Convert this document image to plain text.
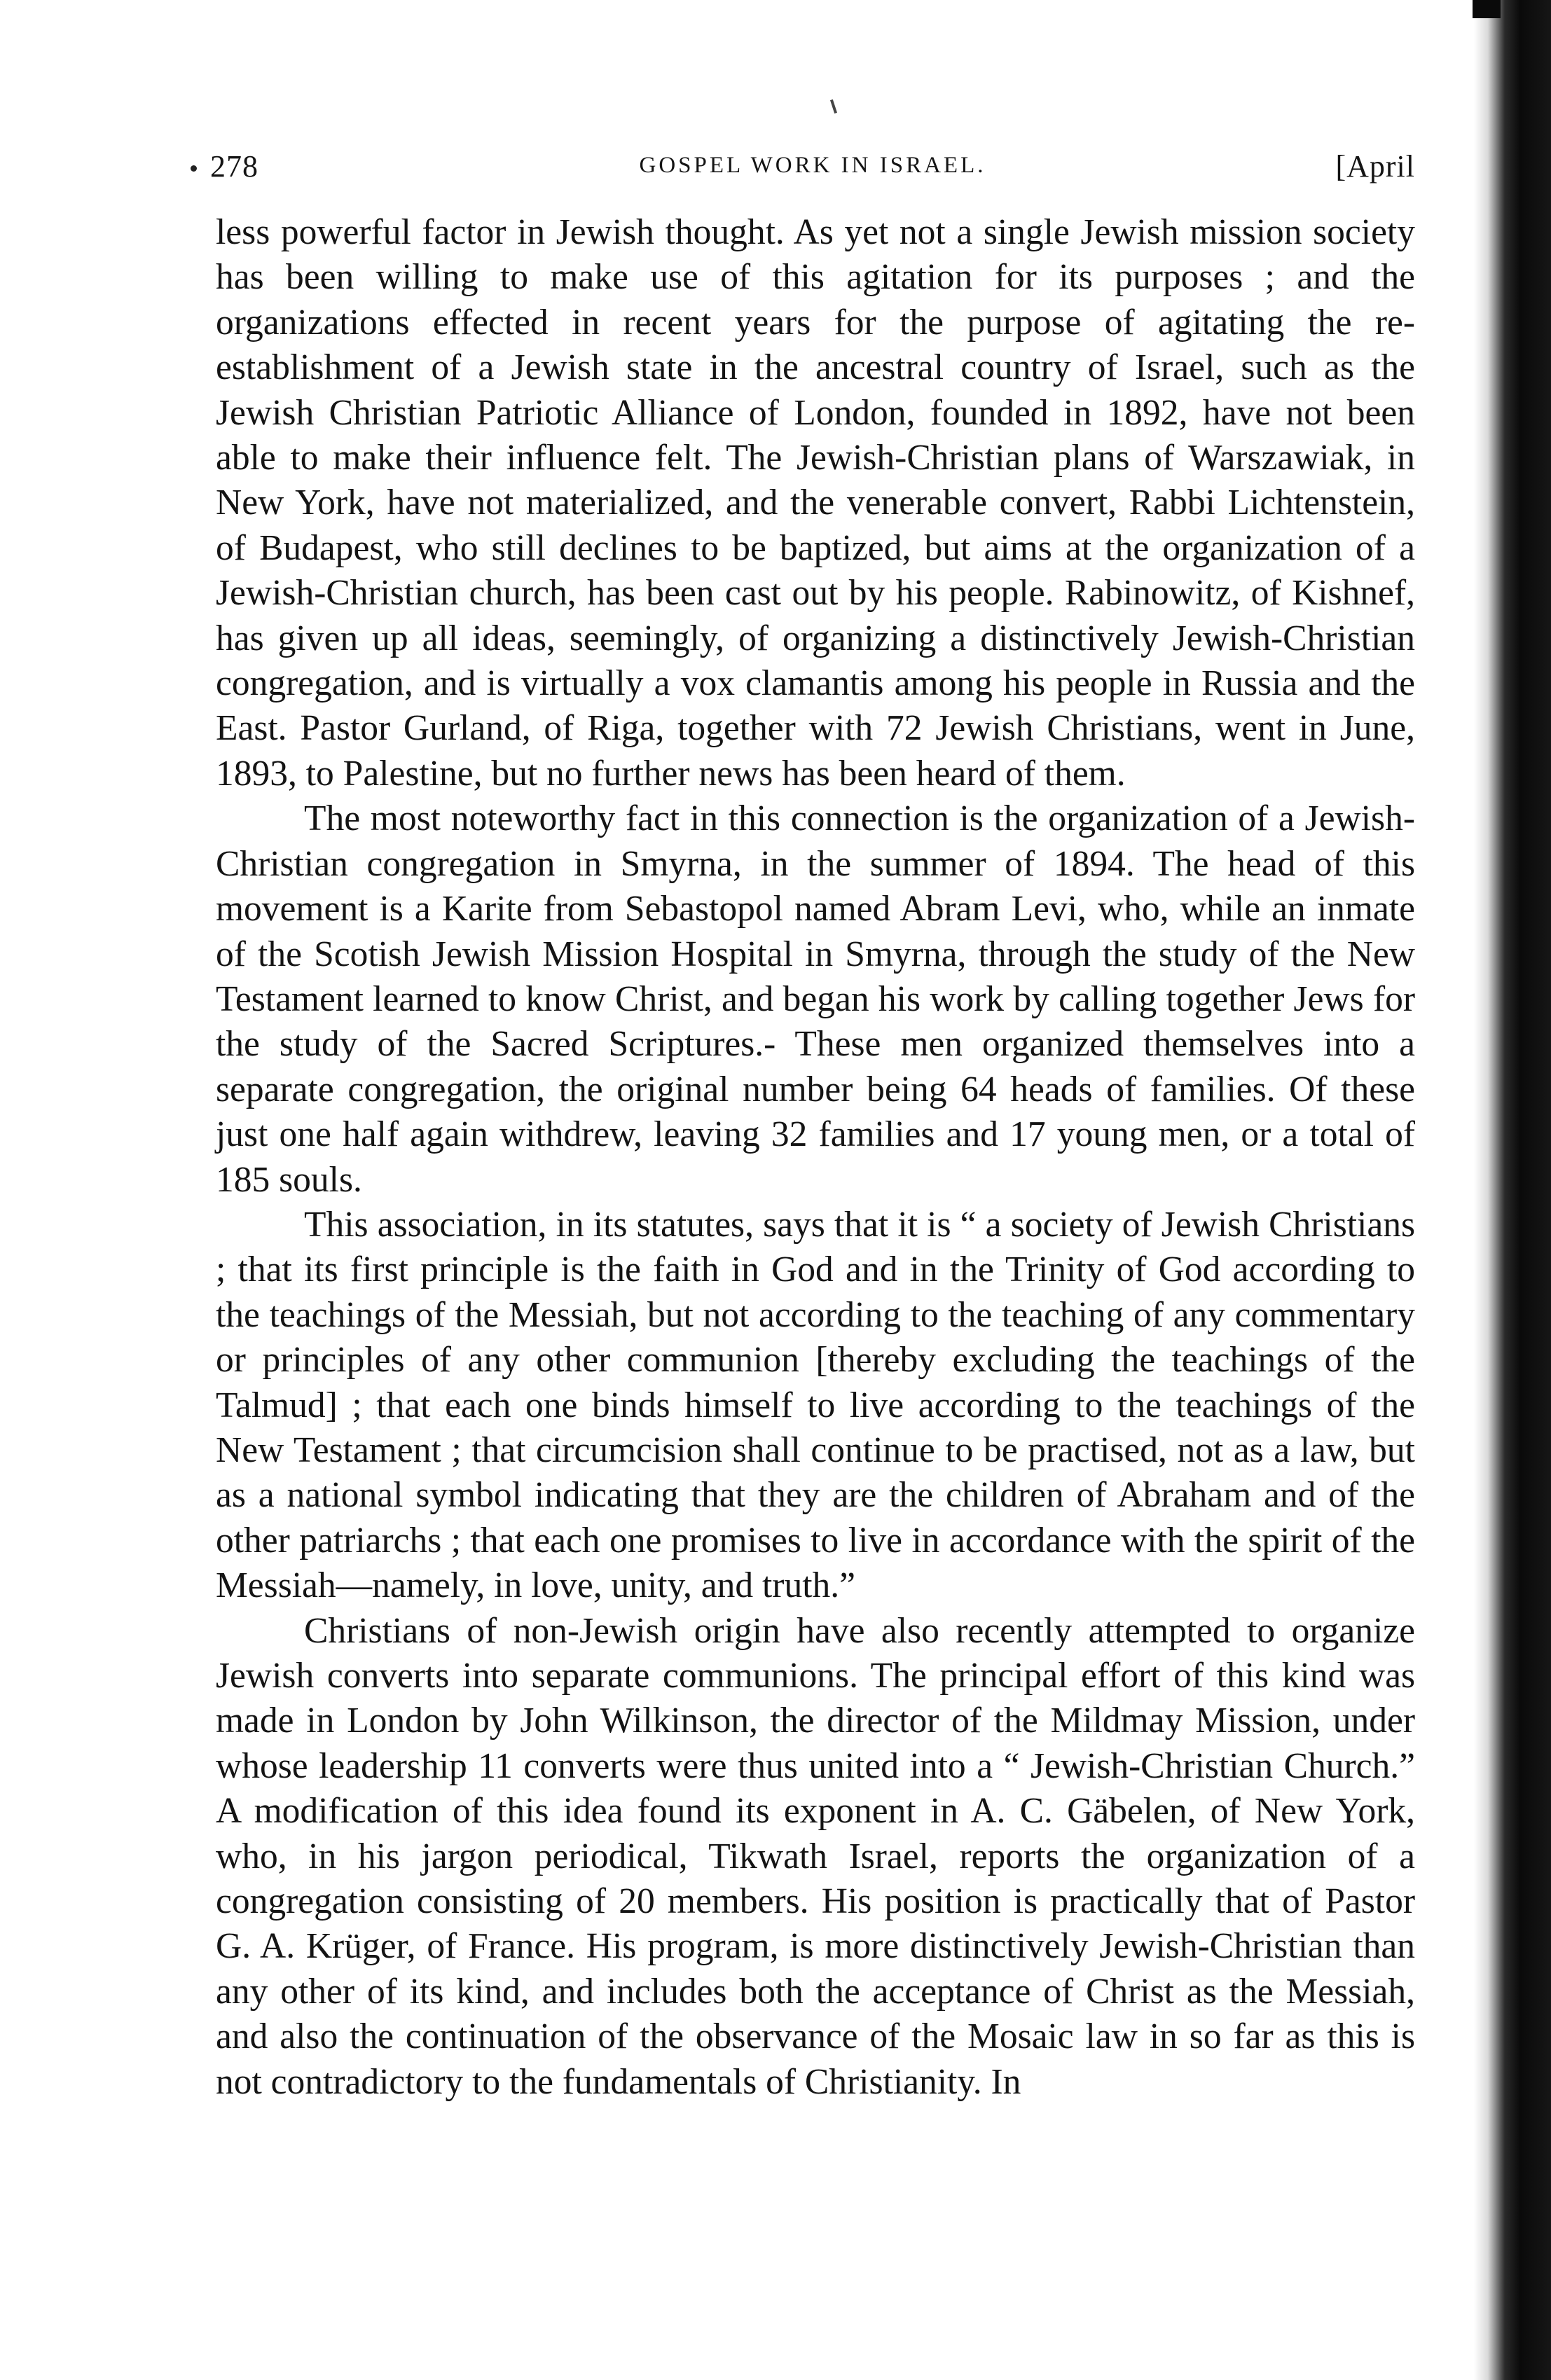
278	GOSPEL WORK IN ISRAEL.	[April

less powerful factor in Jewish thought. As yet not a single Jewish mission society has been willing to make use of this agitation for its purposes ; and the organizations effected in recent years for the purpose of agitating the re-establishment of a Jewish state in the ancestral country of Israel, such as the Jewish Christian Patriotic Alliance of London, founded in 1892, have not been able to make their influence felt. The Jewish-Christian plans of Warszawiak, in New York, have not materialized, and the venerable convert, Rabbi Lichtenstein, of Budapest, who still declines to be baptized, but aims at the organization of a Jewish-Christian church, has been cast out by his people. Rabinowitz, of Kishnef, has given up all ideas, seemingly, of organizing a distinctively Jewish-Christian congregation, and is virtually a vox clamantis among his people in Russia and the East. Pastor Gurland, of Riga, together with 72 Jewish Christians, went in June, 1893, to Palestine, but no further news has been heard of them.

The most noteworthy fact in this connection is the organization of a Jewish-Christian congregation in Smyrna, in the summer of 1894. The head of this movement is a Karite from Sebastopol named Abram Levi, who, while an inmate of the Scotish Jewish Mission Hospital in Smyrna, through the study of the New Testament learned to know Christ, and began his work by calling together Jews for the study of the Sacred Scriptures.- These men organized themselves into a separate congregation, the original number being 64 heads of families. Of these just one half again withdrew, leaving 32 families and 17 young men, or a total of 185 souls.

This association, in its statutes, says that it is “ a society of Jewish Christians ; that its first principle is the faith in God and in the Trinity of God according to the teachings of the Messiah, but not according to the teaching of any commentary or principles of any other communion [thereby excluding the teachings of the Talmud] ; that each one binds himself to live according to the teachings of the New Testament ; that circumcision shall continue to be practised, not as a law, but as a national symbol indicating that they are the children of Abraham and of the other patriarchs ; that each one promises to live in accordance with the spirit of the Messiah—namely, in love, unity, and truth.”

Christians of non-Jewish origin have also recently attempted to organize Jewish converts into separate communions. The principal effort of this kind was made in London by John Wilkinson, the director of the Mildmay Mission, under whose leadership 11 converts were thus united into a “ Jewish-Christian Church.” A modification of this idea found its exponent in A. C. Gäbelen, of New York, who, in his jargon periodical, Tikwath Israel, reports the organization of a congregation consisting of 20 members. His position is practically that of Pastor G. A. Krüger, of France. His program, is more distinctively Jewish-Christian than any other of its kind, and includes both the acceptance of Christ as the Messiah, and also the continuation of the observance of the Mosaic law in so far as this is not contradictory to the fundamentals of Christianity. In
